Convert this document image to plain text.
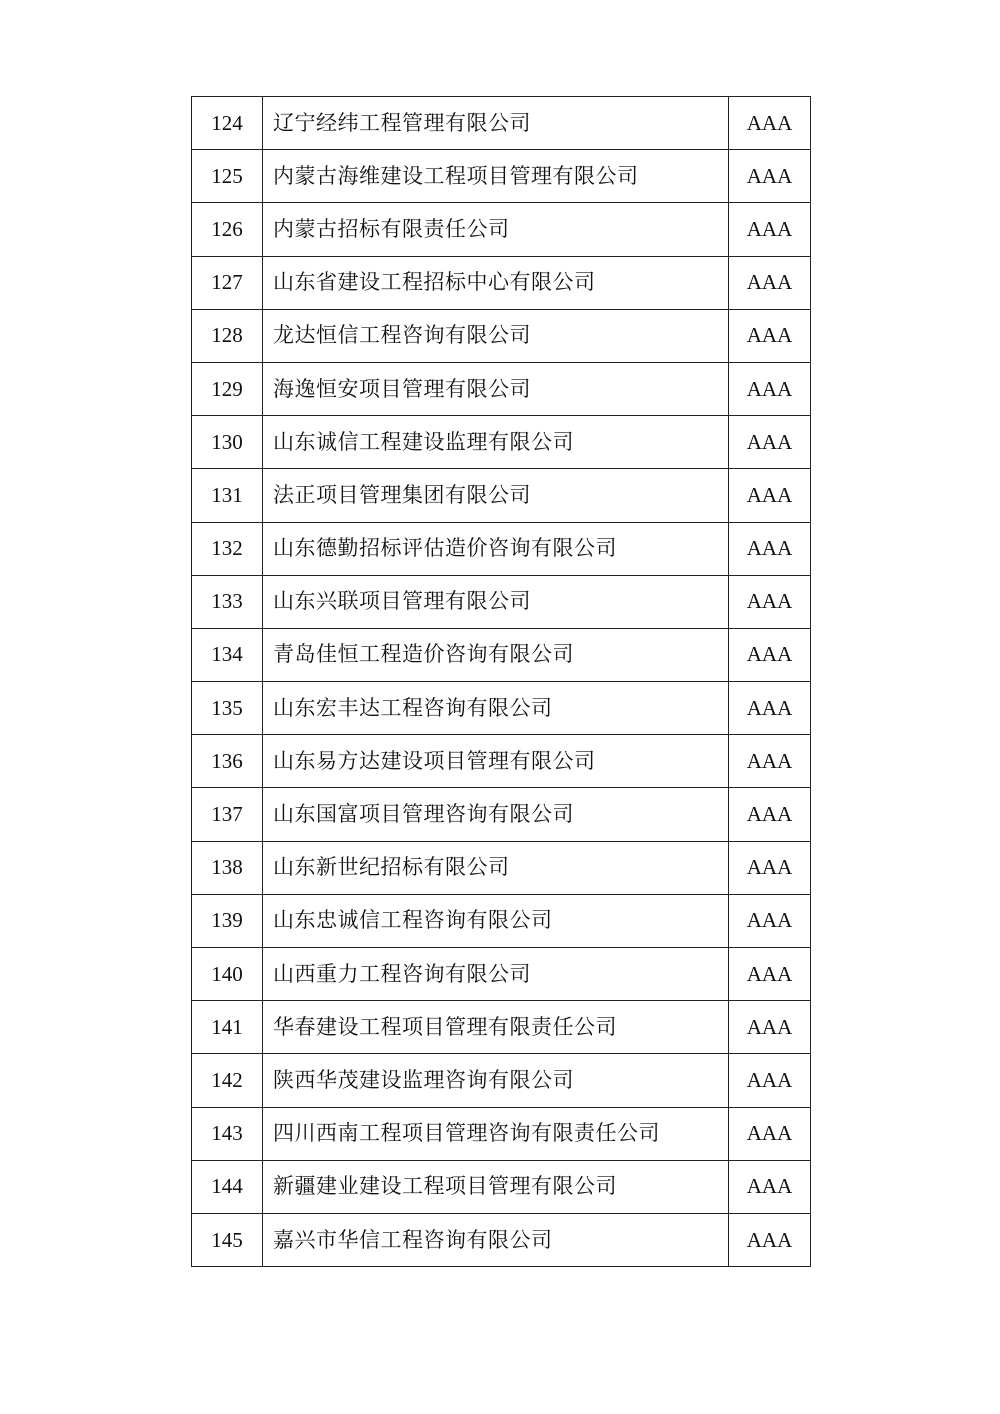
124	辽宁经纬工程管理有限公司	AAA
125	内蒙古海维建设工程项目管理有限公司	AAA
126	内蒙古招标有限责任公司	AAA
127	山东省建设工程招标中心有限公司	AAA
128	龙达恒信工程咨询有限公司	AAA
129	海逸恒安项目管理有限公司	AAA
130	山东诚信工程建设监理有限公司	AAA
131	法正项目管理集团有限公司	AAA
132	山东德勤招标评估造价咨询有限公司	AAA
133	山东兴联项目管理有限公司	AAA
134	青岛佳恒工程造价咨询有限公司	AAA
135	山东宏丰达工程咨询有限公司	AAA
136	山东易方达建设项目管理有限公司	AAA
137	山东国富项目管理咨询有限公司	AAA
138	山东新世纪招标有限公司	AAA
139	山东忠诚信工程咨询有限公司	AAA
140	山西重力工程咨询有限公司	AAA
141	华春建设工程项目管理有限责任公司	AAA
142	陕西华茂建设监理咨询有限公司	AAA
143	四川西南工程项目管理咨询有限责任公司	AAA
144	新疆建业建设工程项目管理有限公司	AAA
145	嘉兴市华信工程咨询有限公司	AAA
